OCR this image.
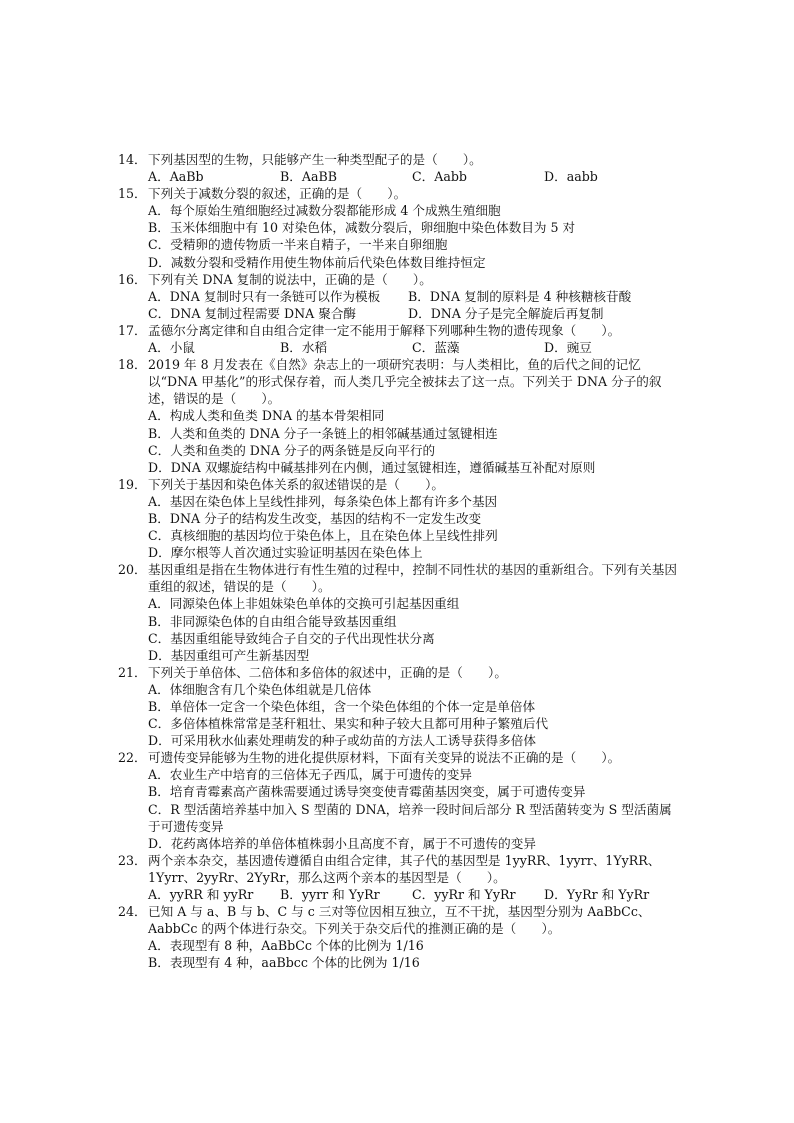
14． 下列基因型的生物，只能够产生一种类型配子的是（　　）。
A．AaBb	B．AaBB	C．Aabb	D．aabb
15． 下列关于减数分裂的叙述，正确的是（　　）。
A．每个原始生殖细胞经过减数分裂都能形成 4 个成熟生殖细胞
B．玉米体细胞中有 10 对染色体，减数分裂后，卵细胞中染色体数目为 5 对
C．受精卵的遗传物质一半来自精子，一半来自卵细胞
D．减数分裂和受精作用使生物体前后代染色体数目维持恒定
16． 下列有关 DNA 复制的说法中，正确的是（　　）。
A．DNA 复制时只有一条链可以作为模板	B．DNA 复制的原料是 4 种核糖核苷酸
C．DNA 复制过程需要 DNA 聚合酶	D．DNA 分子是完全解旋后再复制
17． 孟德尔分离定律和自由组合定律一定不能用于解释下列哪种生物的遗传现象（　　）。
A．小鼠	B．水稻	C．蓝藻	D．豌豆
18． 2019 年 8 月发表在《自然》杂志上的一项研究表明：与人类相比，鱼的后代之间的记忆以“DNA 甲基化”的形式保存着，而人类几乎完全被抹去了这一点。下列关于 DNA 分子的叙述，错误的是（　　）。
A．构成人类和鱼类 DNA 的基本骨架相同
B．人类和鱼类的 DNA 分子一条链上的相邻碱基通过氢键相连
C．人类和鱼类的 DNA 分子的两条链是反向平行的
D．DNA 双螺旋结构中碱基排列在内侧，通过氢键相连，遵循碱基互补配对原则
19． 下列关于基因和染色体关系的叙述错误的是（　　）。
A．基因在染色体上呈线性排列，每条染色体上都有许多个基因
B．DNA 分子的结构发生改变，基因的结构不一定发生改变
C．真核细胞的基因均位于染色体上，且在染色体上呈线性排列
D．摩尔根等人首次通过实验证明基因在染色体上
20． 基因重组是指在生物体进行有性生殖的过程中，控制不同性状的基因的重新组合。下列有关基因重组的叙述，错误的是（　　）。
A．同源染色体上非姐妹染色单体的交换可引起基因重组
B．非同源染色体的自由组合能导致基因重组
C．基因重组能导致纯合子自交的子代出现性状分离
D．基因重组可产生新基因型
21． 下列关于单倍体、二倍体和多倍体的叙述中，正确的是（　　）。
A．体细胞含有几个染色体组就是几倍体
B．单倍体一定含一个染色体组，含一个染色体组的个体一定是单倍体
C．多倍体植株常常是茎秆粗壮、果实和种子较大且都可用种子繁殖后代
D．可采用秋水仙素处理萌发的种子或幼苗的方法人工诱导获得多倍体
22． 可遗传变异能够为生物的进化提供原材料，下面有关变异的说法不正确的是（　　）。
A．农业生产中培育的三倍体无子西瓜，属于可遗传的变异
B．培育青霉素高产菌株需要通过诱导突变使青霉菌基因突变，属于可遗传变异
C．R 型活菌培养基中加入 S 型菌的 DNA，培养一段时间后部分 R 型活菌转变为 S 型活菌属于可遗传变异
D．花药离体培养的单倍体植株弱小且高度不育，属于不可遗传的变异
23． 两个亲本杂交，基因遗传遵循自由组合定律，其子代的基因型是 1yyRR、1yyrr、1YyRR、1Yyrr、2yyRr、2YyRr，那么这两个亲本的基因型是（　　）。
A．yyRR 和 yyRr	B．yyrr 和 YyRr	C．yyRr 和 YyRr	D．YyRr 和 YyRr
24． 已知 A 与 a、B 与 b、C 与 c 三对等位因相互独立，互不干扰，基因型分别为 AaBbCc、AabbCc 的两个体进行杂交。下列关于杂交后代的推测正确的是（　　）。
A．表现型有 8 种，AaBbCc 个体的比例为 1/16
B．表现型有 4 种，aaBbcc 个体的比例为 1/16
